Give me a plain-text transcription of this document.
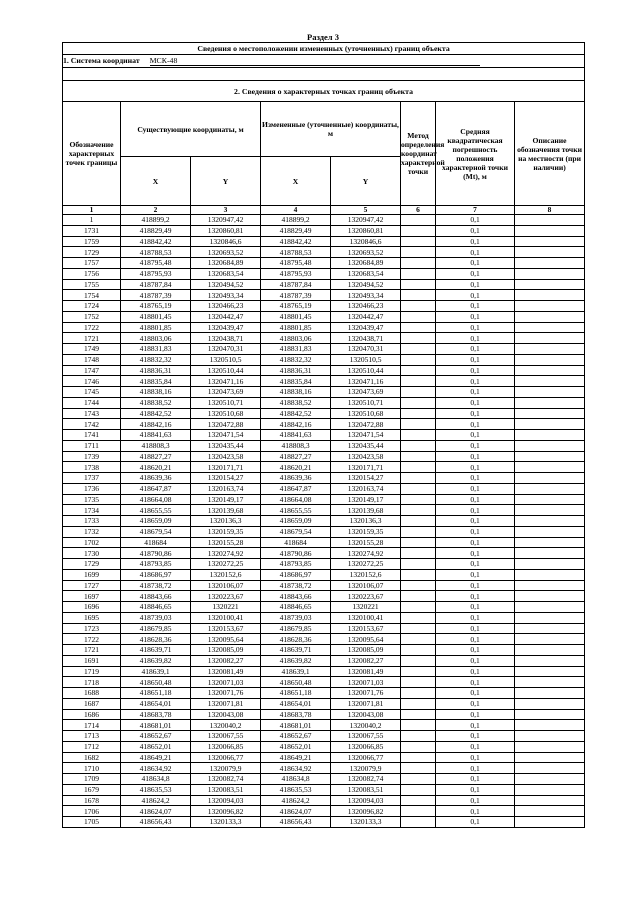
Раздел 3
Сведения о местоположении измененных (уточненных) границ объекта							
1. Система координат МСК-48							

2. Сведения о характерных точках границ объекта							
Обозначение характерных точек границы	Существующие координаты, м		Измененные (уточненные) координаты, м		Метод определения координат характерной точки	Средняя квадратическая погрешность положения характерной точки (Mt), м	Описание обозначения точки на местности (при наличии)
	X	Y	X	Y			
1	2	3	4	5	6	7	8
1	418899,2	1320947,42	418899,2	1320947,42		0,1	
1731	418829,49	1320860,81	418829,49	1320860,81		0,1	
1759	418842,42	1320846,6	418842,42	1320846,6		0,1	
1729	418788,53	1320693,52	418788,53	1320693,52		0,1	
1757	418795,48	1320684,89	418795,48	1320684,89		0,1	
1756	418795,93	1320683,54	418795,93	1320683,54		0,1	
1755	418787,84	1320494,52	418787,84	1320494,52		0,1	
1754	418787,39	1320493,34	418787,39	1320493,34		0,1	
1724	418765,19	1320466,23	418765,19	1320466,23		0,1	
1752	418801,45	1320442,47	418801,45	1320442,47		0,1	
1722	418801,85	1320439,47	418801,85	1320439,47		0,1	
1721	418803,06	1320438,71	418803,06	1320438,71		0,1	
1749	418831,83	1320470,31	418831,83	1320470,31		0,1	
1748	418832,32	1320510,5	418832,32	1320510,5		0,1	
1747	418836,31	1320510,44	418836,31	1320510,44		0,1	
1746	418835,84	1320471,16	418835,84	1320471,16		0,1	
1745	418838,16	1320473,69	418838,16	1320473,69		0,1	
1744	418838,52	1320510,71	418838,52	1320510,71		0,1	
1743	418842,52	1320510,68	418842,52	1320510,68		0,1	
1742	418842,16	1320472,88	418842,16	1320472,88		0,1	
1741	418841,63	1320471,54	418841,63	1320471,54		0,1	
1711	418808,3	1320435,44	418808,3	1320435,44		0,1	
1739	418827,27	1320423,58	418827,27	1320423,58		0,1	
1738	418620,21	1320171,71	418620,21	1320171,71		0,1	
1737	418639,36	1320154,27	418639,36	1320154,27		0,1	
1736	418647,87	1320163,74	418647,87	1320163,74		0,1	
1735	418664,08	1320149,17	418664,08	1320149,17		0,1	
1734	418655,55	1320139,68	418655,55	1320139,68		0,1	
1733	418659,09	1320136,3	418659,09	1320136,3		0,1	
1732	418679,54	1320159,35	418679,54	1320159,35		0,1	
1702	418684	1320155,28	418684	1320155,28		0,1	
1730	418790,86	1320274,92	418790,86	1320274,92		0,1	
1729	418793,85	1320272,25	418793,85	1320272,25		0,1	
1699	418686,97	1320152,6	418686,97	1320152,6		0,1	
1727	418738,72	1320106,07	418738,72	1320106,07		0,1	
1697	418843,66	1320223,67	418843,66	1320223,67		0,1	
1696	418846,65	1320221	418846,65	1320221		0,1	
1695	418739,03	1320100,41	418739,03	1320100,41		0,1	
1723	418679,85	1320153,67	418679,85	1320153,67		0,1	
1722	418628,36	1320095,64	418628,36	1320095,64		0,1	
1721	418639,71	1320085,09	418639,71	1320085,09		0,1	
1691	418639,82	1320082,27	418639,82	1320082,27		0,1	
1719	418639,1	1320081,49	418639,1	1320081,49		0,1	
1718	418650,48	1320071,03	418650,48	1320071,03		0,1	
1688	418651,18	1320071,76	418651,18	1320071,76		0,1	
1687	418654,01	1320071,81	418654,01	1320071,81		0,1	
1686	418683,78	1320043,08	418683,78	1320043,08		0,1	
1714	418681,01	1320040,2	418681,01	1320040,2		0,1	
1713	418652,67	1320067,55	418652,67	1320067,55		0,1	
1712	418652,01	1320066,85	418652,01	1320066,85		0,1	
1682	418649,21	1320066,77	418649,21	1320066,77		0,1	
1710	418634,92	1320079,9	418634,92	1320079,9		0,1	
1709	418634,8	1320082,74	418634,8	1320082,74		0,1	
1679	418635,53	1320083,51	418635,53	1320083,51		0,1	
1678	418624,2	1320094,03	418624,2	1320094,03		0,1	
1706	418624,07	1320096,82	418624,07	1320096,82		0,1	
1705	418656,43	1320133,3	418656,43	1320133,3		0,1	
